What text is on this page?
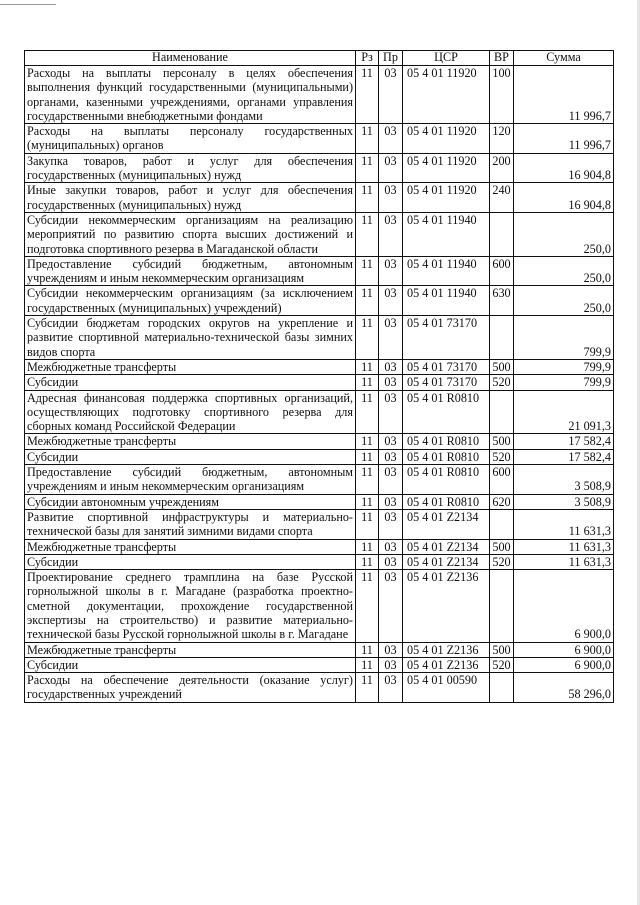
Наименование	Рз	Пр	ЦСР	ВР	Сумма
Расходы на выплаты персоналу в целях обеспечения выполнения функций государственными (муниципальными) органами, казенными учреждениями, органами управления государственными внебюджетными фондами	11	03	05 4 01 11920	100	11 996,7
Расходы на выплаты персоналу государственных (муниципальных) органов	11	03	05 4 01 11920	120	11 996,7
Закупка товаров, работ и услуг для обеспечения государственных (муниципальных) нужд	11	03	05 4 01 11920	200	16 904,8
Иные закупки товаров, работ и услуг для обеспечения государственных (муниципальных) нужд	11	03	05 4 01 11920	240	16 904,8
Субсидии некоммерческим организациям на реализацию мероприятий по развитию спорта высших достижений и подготовка спортивного резерва в Магаданской области	11	03	05 4 01 11940		250,0
Предоставление субсидий бюджетным, автономным учреждениям и иным некоммерческим организациям	11	03	05 4 01 11940	600	250,0
Субсидии некоммерческим организациям (за исключением государственных (муниципальных) учреждений)	11	03	05 4 01 11940	630	250,0
Субсидии бюджетам городских округов на укрепление и развитие спортивной материально-технической базы зимних видов спорта	11	03	05 4 01 73170		799,9
Межбюджетные трансферты	11	03	05 4 01 73170	500	799,9
Субсидии	11	03	05 4 01 73170	520	799,9
Адресная финансовая поддержка спортивных организаций, осуществляющих подготовку спортивного резерва для сборных команд Российской Федерации	11	03	05 4 01 R0810		21 091,3
Межбюджетные трансферты	11	03	05 4 01 R0810	500	17 582,4
Субсидии	11	03	05 4 01 R0810	520	17 582,4
Предоставление субсидий бюджетным, автономным учреждениям и иным некоммерческим организациям	11	03	05 4 01 R0810	600	3 508,9
Субсидии автономным учреждениям	11	03	05 4 01 R0810	620	3 508,9
Развитие спортивной инфраструктуры и материально-технической базы для занятий зимними видами спорта	11	03	05 4 01 Z2134		11 631,3
Межбюджетные трансферты	11	03	05 4 01 Z2134	500	11 631,3
Субсидии	11	03	05 4 01 Z2134	520	11 631,3
Проектирование среднего трамплина на базе Русской горнолыжной школы в г. Магадане (разработка проектно-сметной документации, прохождение государственной экспертизы на строительство) и развитие материально-технической базы Русской горнолыжной школы в г. Магадане	11	03	05 4 01 Z2136		6 900,0
Межбюджетные трансферты	11	03	05 4 01 Z2136	500	6 900,0
Субсидии	11	03	05 4 01 Z2136	520	6 900,0
Расходы на обеспечение деятельности (оказание услуг) государственных учреждений	11	03	05 4 01 00590		58 296,0
